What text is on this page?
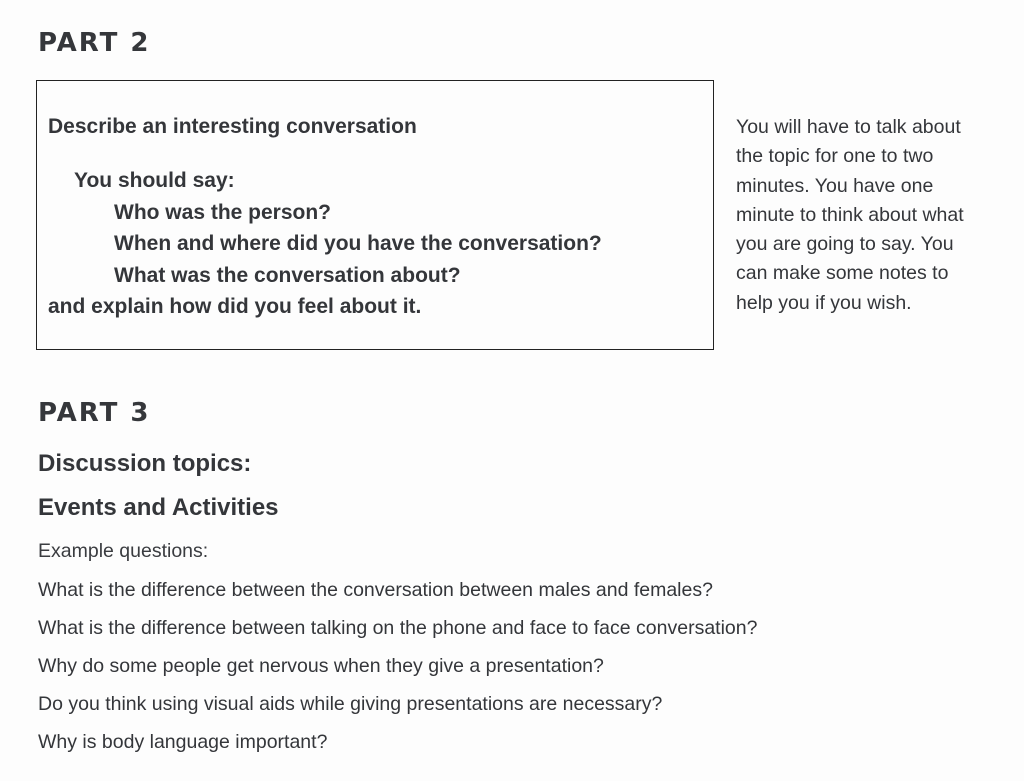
PART 2
Describe an interesting conversation
You should say:
Who was the person?
When and where did you have the conversation?
What was the conversation about?
and explain how did you feel about it.
You will have to talk about
the topic for one to two
minutes. You have one
minute to think about what
you are going to say. You
can make some notes to
help you if you wish.
PART 3
Discussion topics:
Events and Activities
Example questions:
What is the difference between the conversation between males and females?
What is the difference between talking on the phone and face to face conversation?
Why do some people get nervous when they give a presentation?
Do you think using visual aids while giving presentations are necessary?
Why is body language important?
